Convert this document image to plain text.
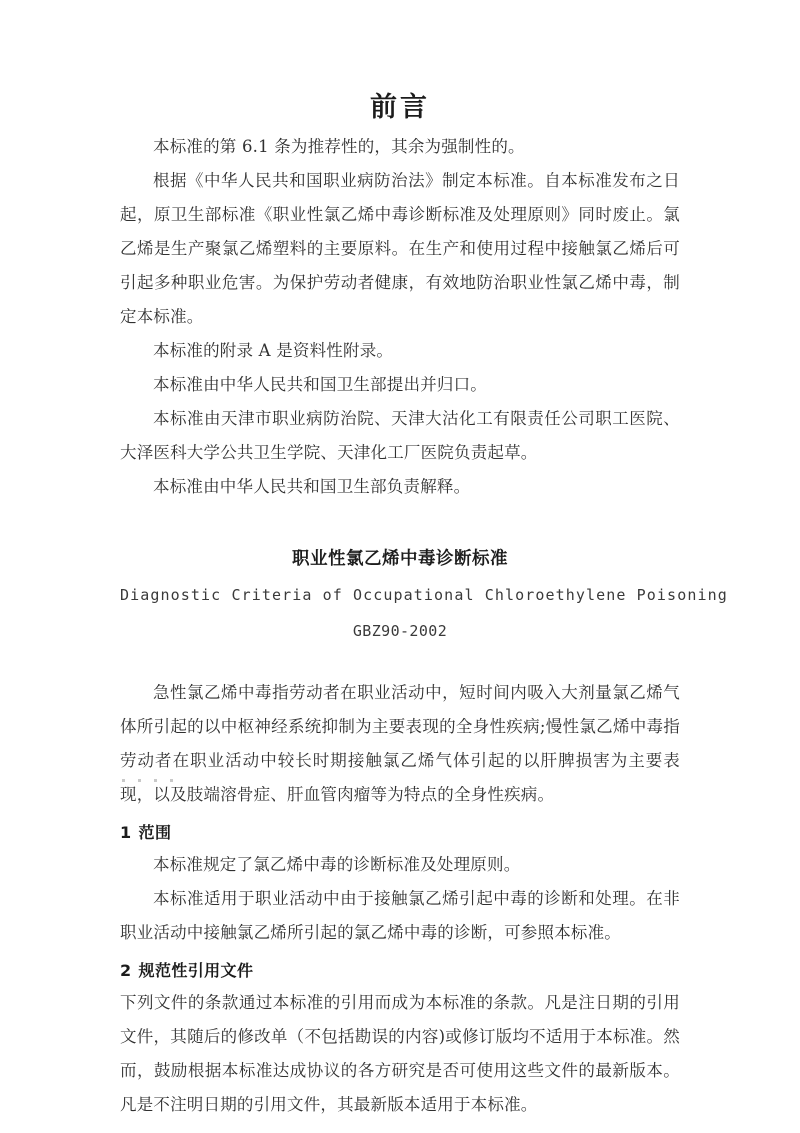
前言

本标准的第 6.1 条为推荐性的，其余为强制性的。

根据《中华人民共和国职业病防治法》制定本标准。自本标准发布之日起，原卫生部标准《职业性氯乙烯中毒诊断标准及处理原则》同时废止。氯乙烯是生产聚氯乙烯塑料的主要原料。在生产和使用过程中接触氯乙烯后可引起多种职业危害。为保护劳动者健康，有效地防治职业性氯乙烯中毒，制定本标准。

本标准的附录 A 是资料性附录。

本标准由中华人民共和国卫生部提出并归口。

本标准由天津市职业病防治院、天津大沽化工有限责任公司职工医院、大泽医科大学公共卫生学院、天津化工厂医院负责起草。

本标准由中华人民共和国卫生部负责解释。

职业性氯乙烯中毒诊断标准
Diagnostic Criteria of Occupational Chloroethylene Poisoning
GBZ90-2002

急性氯乙烯中毒指劳动者在职业活动中，短时间内吸入大剂量氯乙烯气体所引起的以中枢神经系统抑制为主要表现的全身性疾病;慢性氯乙烯中毒指劳动者在职业活动中较长时期接触氯乙烯气体引起的以肝脾损害为主要表现，以及肢端溶骨症、肝血管肉瘤等为特点的全身性疾病。

1 范围

本标准规定了氯乙烯中毒的诊断标准及处理原则。

本标准适用于职业活动中由于接触氯乙烯引起中毒的诊断和处理。在非职业活动中接触氯乙烯所引起的氯乙烯中毒的诊断，可参照本标准。

2 规范性引用文件

下列文件的条款通过本标准的引用而成为本标准的条款。凡是注日期的引用文件，其随后的修改单（不包括勘误的内容)或修订版均不适用于本标准。然而，鼓励根据本标准达成协议的各方研究是否可使用这些文件的最新版本。凡是不注明日期的引用文件，其最新版本适用于本标准。
